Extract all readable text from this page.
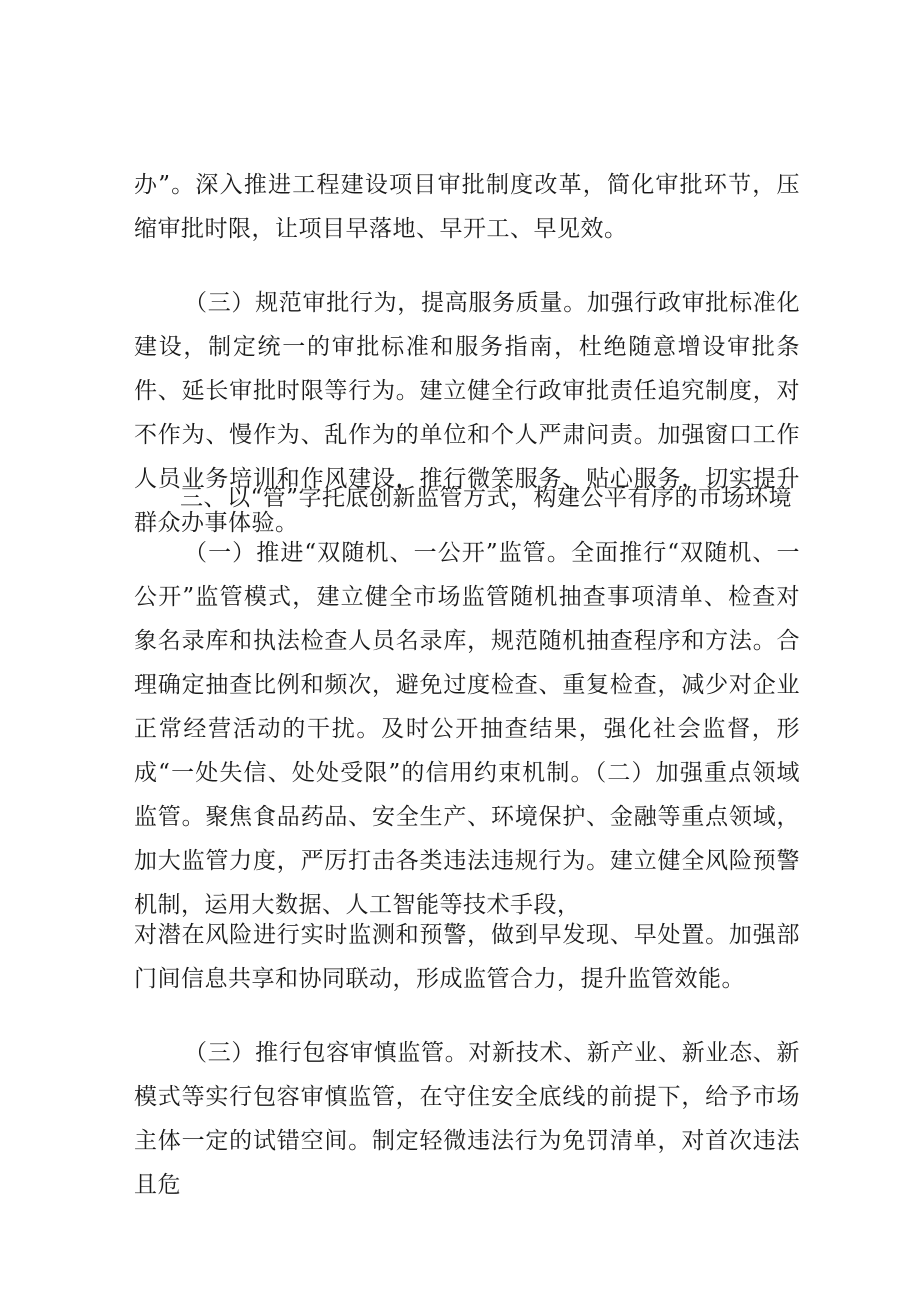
办”。深入推进工程建设项目审批制度改革，简化审批环节，压缩审批时限，让项目早落地、早开工、早见效。

（三）规范审批行为，提高服务质量。加强行政审批标准化建设，制定统一的审批标准和服务指南，杜绝随意增设审批条件、延长审批时限等行为。建立健全行政审批责任追究制度，对不作为、慢作为、乱作为的单位和个人严肃问责。加强窗口工作人员业务培训和作风建设，推行微笑服务、贴心服务，切实提升群众办事体验。

三、以“管”字托底创新监管方式，构建公平有序的市场环境

（一）推进“双随机、一公开”监管。全面推行“双随机、一公开”监管模式，建立健全市场监管随机抽查事项清单、检查对象名录库和执法检查人员名录库，规范随机抽查程序和方法。合理确定抽查比例和频次，避免过度检查、重复检查，减少对企业正常经营活动的干扰。及时公开抽查结果，强化社会监督，形成“一处失信、处处受限”的信用约束机制。（二）加强重点领域监管。聚焦食品药品、安全生产、环境保护、金融等重点领域，加大监管力度，严厉打击各类违法违规行为。建立健全风险预警机制，运用大数据、人工智能等技术手段，

对潜在风险进行实时监测和预警，做到早发现、早处置。加强部门间信息共享和协同联动，形成监管合力，提升监管效能。

（三）推行包容审慎监管。对新技术、新产业、新业态、新模式等实行包容审慎监管，在守住安全底线的前提下，给予市场主体一定的试错空间。制定轻微违法行为免罚清单，对首次违法且危
